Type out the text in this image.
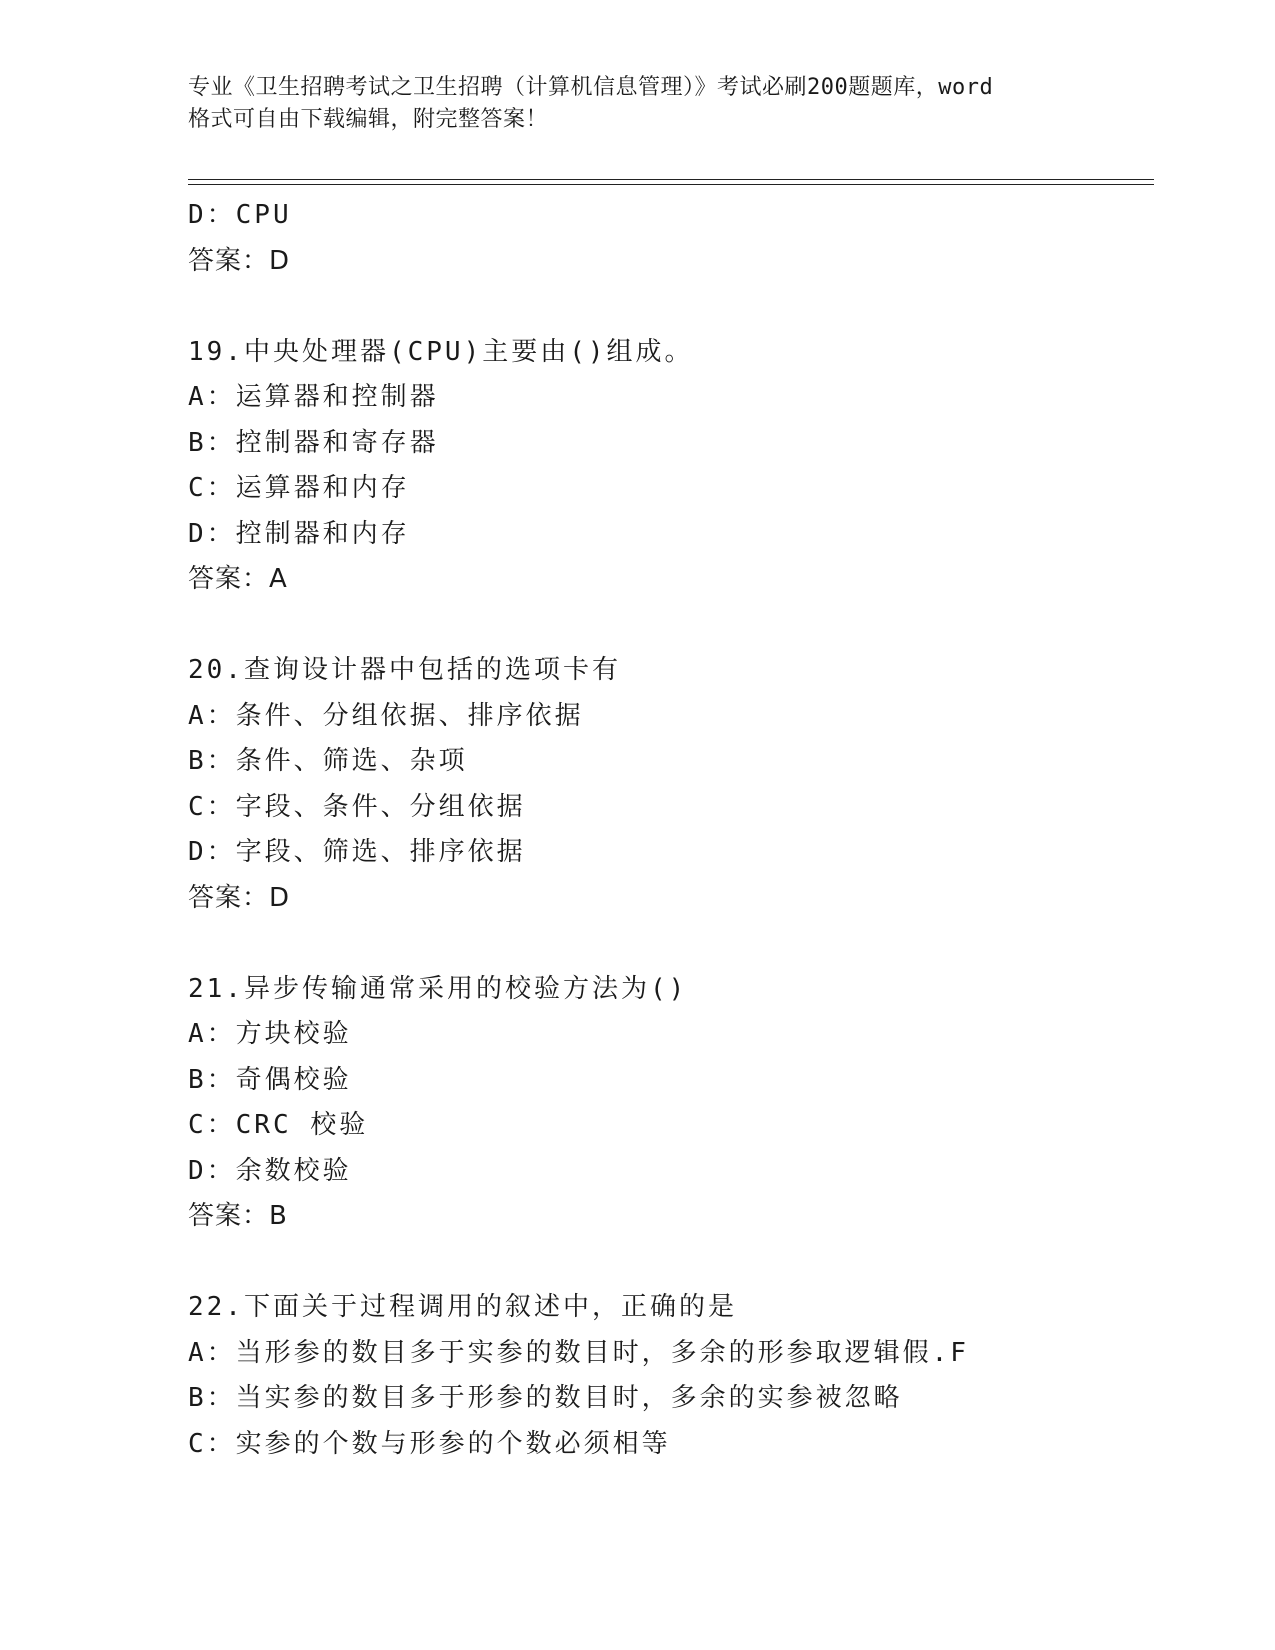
专业《卫生招聘考试之卫生招聘（计算机信息管理）》考试必刷200题题库，word
格式可自由下载编辑，附完整答案！
D：CPU
答案：D
19.中央处理器(CPU)主要由()组成。
A：运算器和控制器
B：控制器和寄存器
C：运算器和内存
D：控制器和内存
答案：A
20.查询设计器中包括的选项卡有
A：条件、分组依据、排序依据
B：条件、筛选、杂项
C：字段、条件、分组依据
D：字段、筛选、排序依据
答案：D
21.异步传输通常采用的校验方法为()
A：方块校验
B：奇偶校验
C：CRC 校验
D：余数校验
答案：B
22.下面关于过程调用的叙述中，正确的是
A：当形参的数目多于实参的数目时，多余的形参取逻辑假.F
B：当实参的数目多于形参的数目时，多余的实参被忽略
C：实参的个数与形参的个数必须相等
